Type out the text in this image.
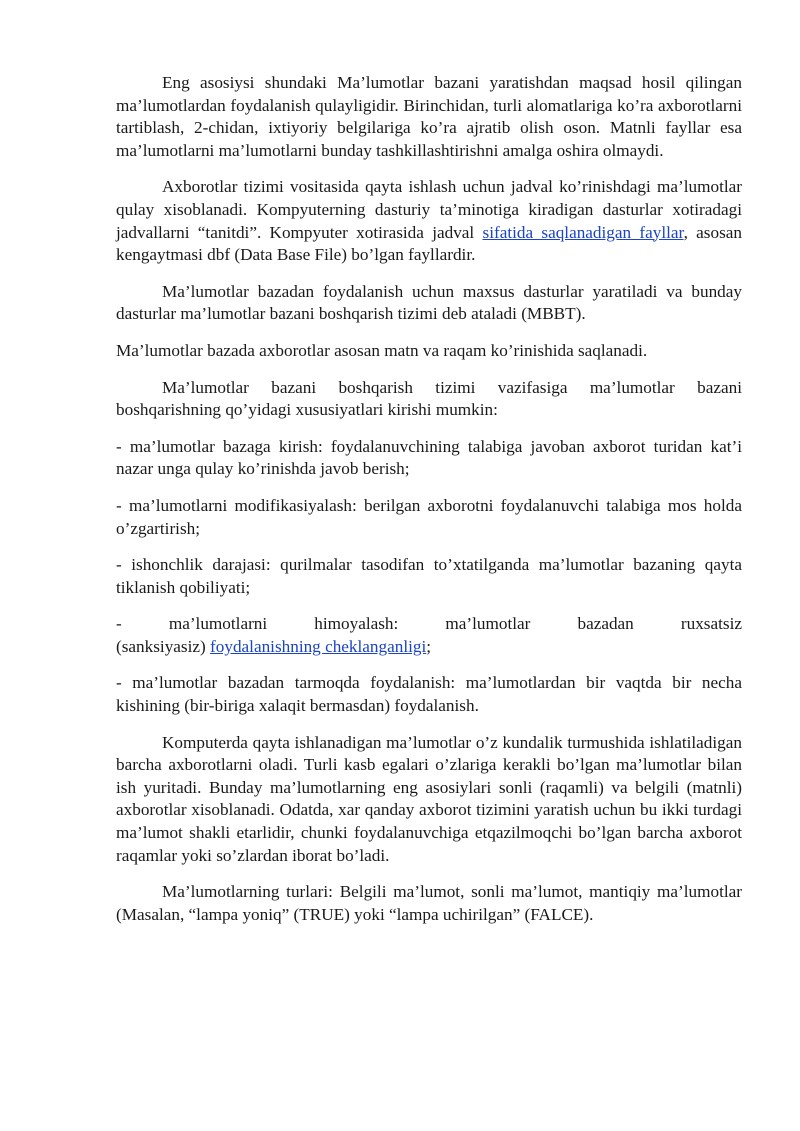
Eng asosiysi shundaki Ma’lumotlar bazani yaratishdan maqsad hosil qilingan ma’lumotlardan foydalanish qulayligidir. Birinchidan, turli alomatlariga ko’ra axborotlarni tartiblash, 2-chidan, ixtiyoriy belgilariga ko’ra ajratib olish oson. Matnli fayllar esa ma’lumotlarni ma’lumotlarni bunday tashkillashtirishni amalga oshira olmaydi.

Axborotlar tizimi vositasida qayta ishlash uchun jadval ko’rinishdagi ma’lumotlar qulay xisoblanadi. Kompyuterning dasturiy ta’minotiga kiradigan dasturlar xotiradagi jadvallarni “tanitdi”. Kompyuter xotirasida jadval sifatida saqlanadigan fayllar, asosan kengaytmasi dbf (Data Base File) bo’lgan fayllardir.

Ma’lumotlar bazadan foydalanish uchun maxsus dasturlar yaratiladi va bunday dasturlar ma’lumotlar bazani boshqarish tizimi deb ataladi (MBBT).

Ma’lumotlar bazada axborotlar asosan matn va raqam ko’rinishida saqlanadi.

Ma’lumotlar bazani boshqarish tizimi vazifasiga ma’lumotlar bazani boshqarishning qo’yidagi xususiyatlari kirishi mumkin:

- ma’lumotlar bazaga kirish: foydalanuvchining talabiga javoban axborot turidan kat’i nazar unga qulay ko’rinishda javob berish;

- ma’lumotlarni modifikasiyalash: berilgan axborotni foydalanuvchi talabiga mos holda o’zgartirish;

- ishonchlik darajasi: qurilmalar tasodifan to’xtatilganda ma’lumotlar bazaning qayta tiklanish qobiliyati;

- ma’lumotlarni himoyalash: ma’lumotlar bazadan ruxsatsiz

(sanksiyasiz) foydalanishning cheklanganligi;

- ma’lumotlar bazadan tarmoqda foydalanish: ma’lumotlardan bir vaqtda bir necha kishining (bir-biriga xalaqit bermasdan) foydalanish.

Komputerda qayta ishlanadigan ma’lumotlar o’z kundalik turmushida ishlatiladigan barcha axborotlarni oladi. Turli kasb egalari o’zlariga kerakli bo’lgan ma’lumotlar bilan ish yuritadi. Bunday ma’lumotlarning eng asosiylari sonli (raqamli) va belgili (matnli) axborotlar xisoblanadi. Odatda, xar qanday axborot tizimini yaratish uchun bu ikki turdagi ma’lumot shakli etarlidir, chunki foydalanuvchiga etqazilmoqchi bo’lgan barcha axborot raqamlar yoki so’zlardan iborat bo’ladi.

Ma’lumotlarning turlari: Belgili ma’lumot, sonli ma’lumot, mantiqiy ma’lumotlar (Masalan, “lampa yoniq” (TRUE) yoki “lampa uchirilgan” (FALCE).
